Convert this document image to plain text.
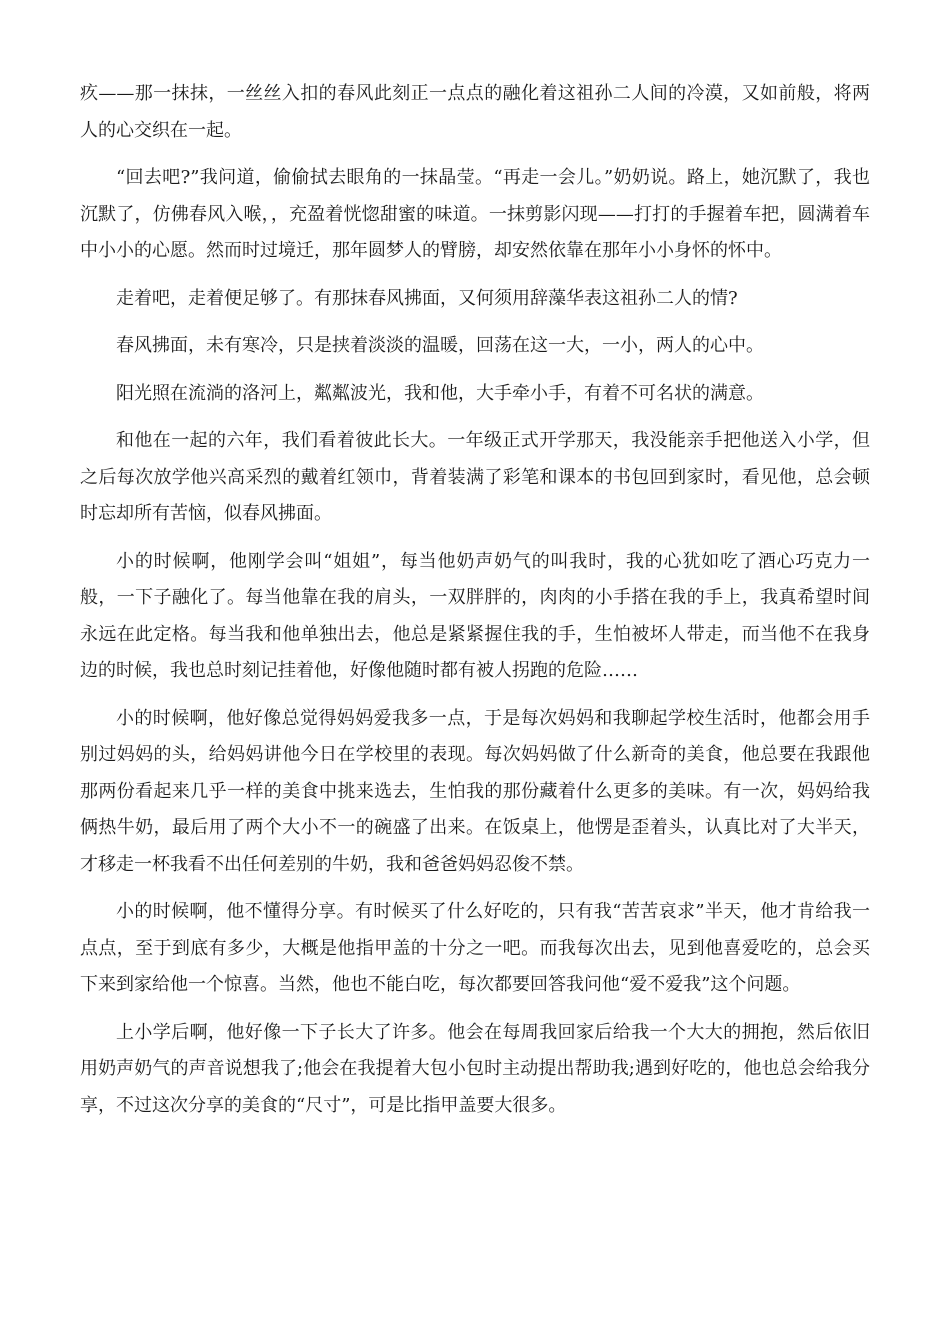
疚——那一抹抹，一丝丝入扣的春风此刻正一点点的融化着这祖孙二人间的冷漠，又如前般，将两人的心交织在一起。

“回去吧?”我问道，偷偷拭去眼角的一抹晶莹。“再走一会儿。”奶奶说。路上，她沉默了，我也沉默了，仿佛春风入喉，，充盈着恍惚甜蜜的味道。一抹剪影闪现——打打的手握着车把，圆满着车中小小的心愿。然而时过境迁，那年圆梦人的臂膀，却安然依靠在那年小小身怀的怀中。

走着吧，走着便足够了。有那抹春风拂面，又何须用辞藻华表这祖孙二人的情?

春风拂面，未有寒冷，只是挟着淡淡的温暖，回荡在这一大，一小，两人的心中。

阳光照在流淌的洛河上，粼粼波光，我和他，大手牵小手，有着不可名状的满意。

和他在一起的六年，我们看着彼此长大。一年级正式开学那天，我没能亲手把他送入小学，但之后每次放学他兴高采烈的戴着红领巾，背着装满了彩笔和课本的书包回到家时，看见他，总会顿时忘却所有苦恼，似春风拂面。

小的时候啊，他刚学会叫“姐姐”，每当他奶声奶气的叫我时，我的心犹如吃了酒心巧克力一般，一下子融化了。每当他靠在我的肩头，一双胖胖的，肉肉的小手搭在我的手上，我真希望时间永远在此定格。每当我和他单独出去，他总是紧紧握住我的手，生怕被坏人带走，而当他不在我身边的时候，我也总时刻记挂着他，好像他随时都有被人拐跑的危险……

小的时候啊，他好像总觉得妈妈爱我多一点，于是每次妈妈和我聊起学校生活时，他都会用手别过妈妈的头，给妈妈讲他今日在学校里的表现。每次妈妈做了什么新奇的美食，他总要在我跟他那两份看起来几乎一样的美食中挑来选去，生怕我的那份藏着什么更多的美味。有一次，妈妈给我俩热牛奶，最后用了两个大小不一的碗盛了出来。在饭桌上，他愣是歪着头，认真比对了大半天，才移走一杯我看不出任何差别的牛奶，我和爸爸妈妈忍俊不禁。

小的时候啊，他不懂得分享。有时候买了什么好吃的，只有我“苦苦哀求”半天，他才肯给我一点点，至于到底有多少，大概是他指甲盖的十分之一吧。而我每次出去，见到他喜爱吃的，总会买下来到家给他一个惊喜。当然，他也不能白吃，每次都要回答我问他“爱不爱我”这个问题。

上小学后啊，他好像一下子长大了许多。他会在每周我回家后给我一个大大的拥抱，然后依旧用奶声奶气的声音说想我了;他会在我提着大包小包时主动提出帮助我;遇到好吃的，他也总会给我分享，不过这次分享的美食的“尺寸”，可是比指甲盖要大很多。
